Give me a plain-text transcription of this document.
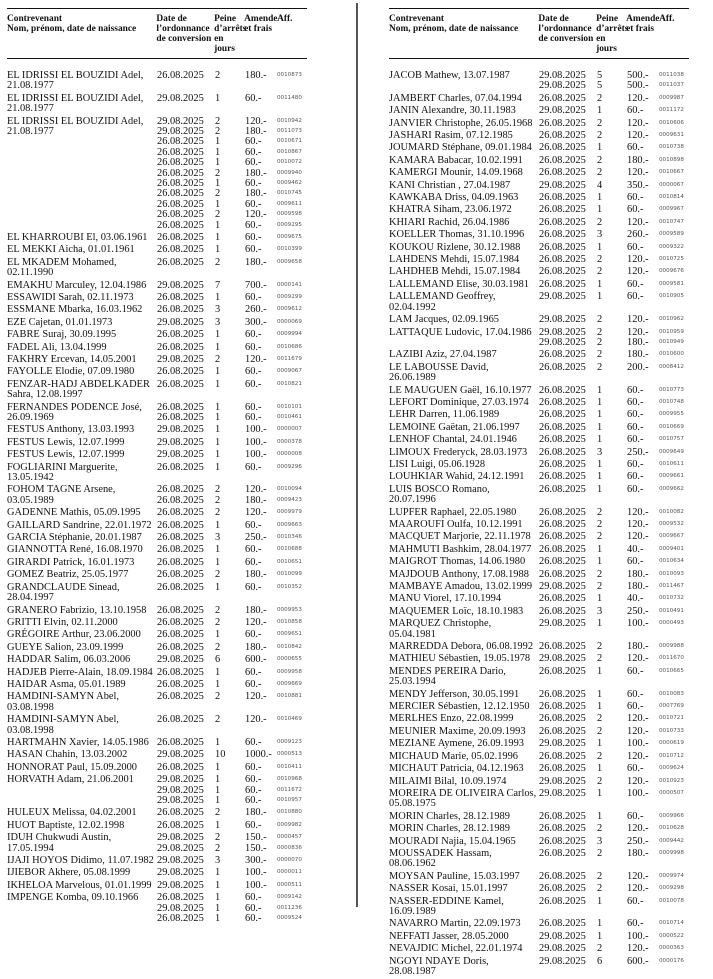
Contrevenant
Nom, prénom, date de naissance
Date de
l’ordonnance
de conversion
Peine
d’arrêts
en jours
Amende
et frais
Aff.
EL IDRISSI EL BOUZIDI Adel, 21.08.1977
26.08.2025	2	180.-	0010873
EL IDRISSI EL BOUZIDI Adel, 21.08.1977
29.08.2025	1	60.-	0011480
EL IDRISSI EL BOUZIDI Adel, 21.08.1977
29.08.2025	2	120.-	0010942
29.08.2025	2	180.-	0011073
26.08.2025	1	60.-	0010671
26.08.2025	1	60.-	0010867
26.08.2025	1	60.-	0010072
26.08.2025	2	180.-	0009940
26.08.2025	1	60.-	0009462
26.08.2025	2	180.-	0010745
26.08.2025	1	60.-	0009611
26.08.2025	2	120.-	0009598
26.08.2025	1	60.-	0009295
EL KHARROUBI El, 03.06.1961 26.08.2025	1	60.-	0009675
EL MEKKI Aicha, 01.01.1961	26.08.2025	1	60.-	0010399
EL MKADEM Mohamed, 02.11.1990
26.08.2025	2	180.-	0009658
EMAKHU Marculey, 12.04.1986	29.08.2025	7	700.-	0000141
ESSAWIDI Sarah, 02.11.1973	26.08.2025	1	60.-	0009299
ESSMANE Mbarka, 16.03.1962	26.08.2025	3	260.-	0009612
EZE Cajetan, 01.01.1973	29.08.2025	3	300.-	0000069
FABRE Suraj, 30.09.1995	26.08.2025	1	60.-	0009994
FADEL Ali, 13.04.1999	26.08.2025	1	60.-	0010686
FAKHRY Ercevan, 14.05.2001	29.08.2025	2	120.-	0011679
FAYOLLE Elodie, 07.09.1980	26.08.2025	1	60.-	0009067
FENZAR-HADJ ABDELKADER Sahra, 12.08.1997
26.08.2025	1	60.-	0010821
FERNANDES PODENCE José, 26.09.1969
26.08.2025	1	60.-	0010101
26.08.2025	1	60.-	0010461
FESTUS Anthony, 13.03.1993	29.08.2025	1	100.-	0000007
FESTUS Lewis, 12.07.1999	29.08.2025	1	100.-	0000378
FESTUS Lewis, 12.07.1999	29.08.2025	1	100.-	0000008
FOGLIARINI Marguerite, 13.05.1942
26.08.2025	1	60.-	0009296
FOHOM TAGNE Arsene, 03.05.1989
26.08.2025	2	120.-	0010094
26.08.2025	2	180.-	0009423
GADENNE Mathis, 05.09.1995	26.08.2025	2	120.-	0009979
GAILLARD Sandrine, 22.01.1972 26.08.2025	1	60.-	0009663
GARCIA Stéphanie, 20.01.1987	26.08.2025	3	250.-	0010346
GIANNOTTA René, 16.08.1970	26.08.2025	1	60.-	0010688
GIRARDI Patrick, 16.01.1973	26.08.2025	1	60.-	0010651
GOMEZ Beatriz, 25.05.1977	26.08.2025	2	180.-	0010099
GRANDCLAUDE Sinead, 28.04.1997
26.08.2025	1	60.-	0010352
GRANERO Fabrizio, 13.10.1958	26.08.2025	2	180.-	0009953
GRITTI Elvin, 02.11.2000	26.08.2025	2	120.-	0010858
GRÉGOIRE Arthur, 23.06.2000	26.08.2025	1	60.-	0009651
GUEYE Salion, 23.09.1999	26.08.2025	2	180.-	0010842
HADDAR Salim, 06.03.2006	29.08.2025	6	600.-	0000655
HADJEB Pierre-Alain, 18.09.1984 26.08.2025	1	60.-	0009958
HAIDAR Asma, 05.01.1989	26.08.2025	1	60.-	0009669
HAMDINI-SAMYN Abel, 03.08.1998
26.08.2025	2	120.-	0010881
HAMDINI-SAMYN Abel, 03.08.1998
26.08.2025	2	120.-	0010469
HARTMAHN Xavier, 14.05.1986 26.08.2025	1	60.-	0009123
HASAN Chahin, 13.03.2002	29.08.2025	10	1000.- 0000513
HONNORAT Paul, 15.09.2000	26.08.2025	1	60.-	0010411
HORVATH Adam, 21.06.2001	29.08.2025	1	60.-	0010968
29.08.2025	1	60.-	0011672
29.08.2025	1	60.-	0010957
HULEUX Melissa, 04.02.2001	26.08.2025	2	180.-	0010880
HUOT Baptiste, 12.02.1998	26.08.2025	1	60.-	0009982
IDUH Chukwudi Austin, 17.05.1994
29.08.2025	2	150.-	0000457
29.08.2025	2	150.-	0000836
IJAJI HOYOS Didimo, 11.07.1982 29.08.2025	3	300.-	0000070
IJIEBOR Akhere, 05.08.1999	29.08.2025	1	100.-	0000011
IKHELOA Marvelous, 01.01.1999 29.08.2025	1	100.-	0000511
IMPENGE Komba, 09.10.1966	26.08.2025	1	60.-	0009142
29.08.2025	1	60.-	0011236
26.08.2025	1	60.-	0009524
Contrevenant
Nom, prénom, date de naissance
Date de
l’ordonnance
de conversion
Peine
d’arrêts
en jours
Amende
et frais
Aff.
JACOB Mathew, 13.07.1987	29.08.2025	5	500.-	0011038
29.08.2025	5	500.-	0011037
JAMBERT Charles, 07.04.1994	26.08.2025	2	120.-	0009987
JANIN Alexandre, 30.11.1983	29.08.2025	1	60.-	0011172
JANVIER Christophe, 26.05.1968 26.08.2025	2	120.-	0010606
JASHARI Rasim, 07.12.1985	26.08.2025	2	120.-	0009631
JOUMARD Stéphane, 09.01.1984 26.08.2025	1	60.-	0010738
KAMARA Babacar, 10.02.1991	26.08.2025	2	180.-	0010898
KAMERGI Mounir, 14.09.1968	26.08.2025	2	120.-	0010667
KANI Christian , 27.04.1987	29.08.2025	4	350.-	0000067
KAWKABA Driss, 04.09.1963	26.08.2025	1	60.-	0010814
KHATRA Siham, 23.06.1972	26.08.2025	1	60.-	0009967
KHIARI Rachid, 26.04.1986	26.08.2025	2	120.-	0010747
KOELLER Thomas, 31.10.1996	26.08.2025	3	260.-	0009589
KOUKOU Rizlene, 30.12.1988	26.08.2025	1	60.-	0009322
LAHDENS Mehdi, 15.07.1984	26.08.2025	2	120.-	0010725
LAHDHEB Mehdi, 15.07.1984	26.08.2025	2	120.-	0009676
LALLEMAND Elise, 30.03.1981 26.08.2025	1	60.-	0009581
LALLEMAND Geoffrey, 02.04.1992
29.08.2025	1	60.-	0010905
LAM Jacques, 02.09.1965	29.08.2025	2	120.-	0010962
LATTAQUE Ludovic, 17.04.1986 29.08.2025	2	120.-	0010959
29.08.2025	2	180.-	0010949
LAZIBI Aziz, 27.04.1987	26.08.2025	2	180.-	0010600
LE LABOUSSE David, 26.06.1989
26.08.2025	2	200.-	0008412
LE MAUGUEN Gaël, 16.10.1977 26.08.2025	1	60.-	0010773
LEFORT Dominique, 27.03.1974 26.08.2025	1	60.-	0010748
LEHR Darren, 11.06.1989	26.08.2025	1	60.-	0009955
LEMOINE Gaëtan, 21.06.1997	26.08.2025	1	60.-	0010669
LENHOF Chantal, 24.01.1946	26.08.2025	1	60.-	0010757
LIMOUX Frederyck, 28.03.1973	26.08.2025	3	250.-	0009649
LISI Luigi, 05.06.1928	26.08.2025	1	60.-	0010611
LOUHKIAR Wahid, 24.12.1991	26.08.2025	1	60.-	0009661
LUIS BOSCO Romano, 20.07.1996
26.08.2025	1	60.-	0009662
LUPFER Raphael, 22.05.1980	26.08.2025	2	120.-	0010082
MAAROUFI Oulfa, 10.12.1991	26.08.2025	2	120.-	0009532
MACQUET Marjorie, 22.11.1978 26.08.2025	2	120.-	0009667
MAHMUTI Bashkim, 28.04.1977 26.08.2025	1	40.-	0009401
MAIGROT Thomas, 14.06.1980	26.08.2025	1	60.-	0010634
MAJDOUB Anthony, 17.08.1988 26.08.2025	2	180.-	0010093
MAMBAYE Amadou, 13.02.1999 29.08.2025	2	180.-	0011467
MANU Viorel, 17.10.1994	26.08.2025	1	40.-	0010732
MAQUEMER Loïc, 18.10.1983	26.08.2025	3	250.-	0010491
MARQUEZ Christophe, 05.04.1981
29.08.2025	1	100.-	0000493
MARREDDA Debora, 06.08.1992 26.08.2025	2	180.-	0009988
MATHIEU Sébastien, 19.05.1978 29.08.2025	2	120.-	0011670
MENDES PEREIRA Dario, 25.03.1994
26.08.2025	1	60.-	0010665
MENDY Jefferson, 30.05.1991	26.08.2025	1	60.-	0010083
MERCIER Sébastien, 12.12.1950 26.08.2025	1	60.-	0007769
MERLHES Enzo, 22.08.1999	26.08.2025	2	120.-	0010721
MEUNIER Maxime, 20.09.1993	26.08.2025	2	120.-	0010733
MEZIANE Aymene, 26.09.1993	29.08.2025	1	100.-	0000619
MICHAUD Marie, 05.02.1996	26.08.2025	2	120.-	0010712
MICHAUT Patricia, 04.12.1963	26.08.2025	1	60.-	0009624
MILAIMI Bilal, 10.09.1974	29.08.2025	2	120.-	0010923
MOREIRA DE OLIVEIRA Carlos, 05.08.1975
29.08.2025	1	100.-	0000507
MORIN Charles, 28.12.1989	26.08.2025	1	60.-	0009966
MORIN Charles, 28.12.1989	26.08.2025	2	120.-	0010628
MOURADI Najia, 15.04.1965	26.08.2025	3	250.-	0009442
MOUSSADEK Hassam, 08.06.1962
26.08.2025	2	180.-	0009998
MOYSAN Pauline, 15.03.1997	26.08.2025	2	120.-	0009974
NASSER Kosai, 15.01.1997	26.08.2025	2	120.-	0009298
NASSER-EDDINE Kamel, 16.09.1989
26.08.2025	1	60.-	0010078
NAVARRO Martin, 22.09.1973	26.08.2025	1	60.-	0010714
NEFFATI Jasser, 28.05.2000	29.08.2025	1	100.-	0000522
NEVAJDIC Michel, 22.01.1974	29.08.2025	2	120.-	0000363
NGOYI NDAYE Doris, 28.08.1987
29.08.2025	6	600.-	0000176
